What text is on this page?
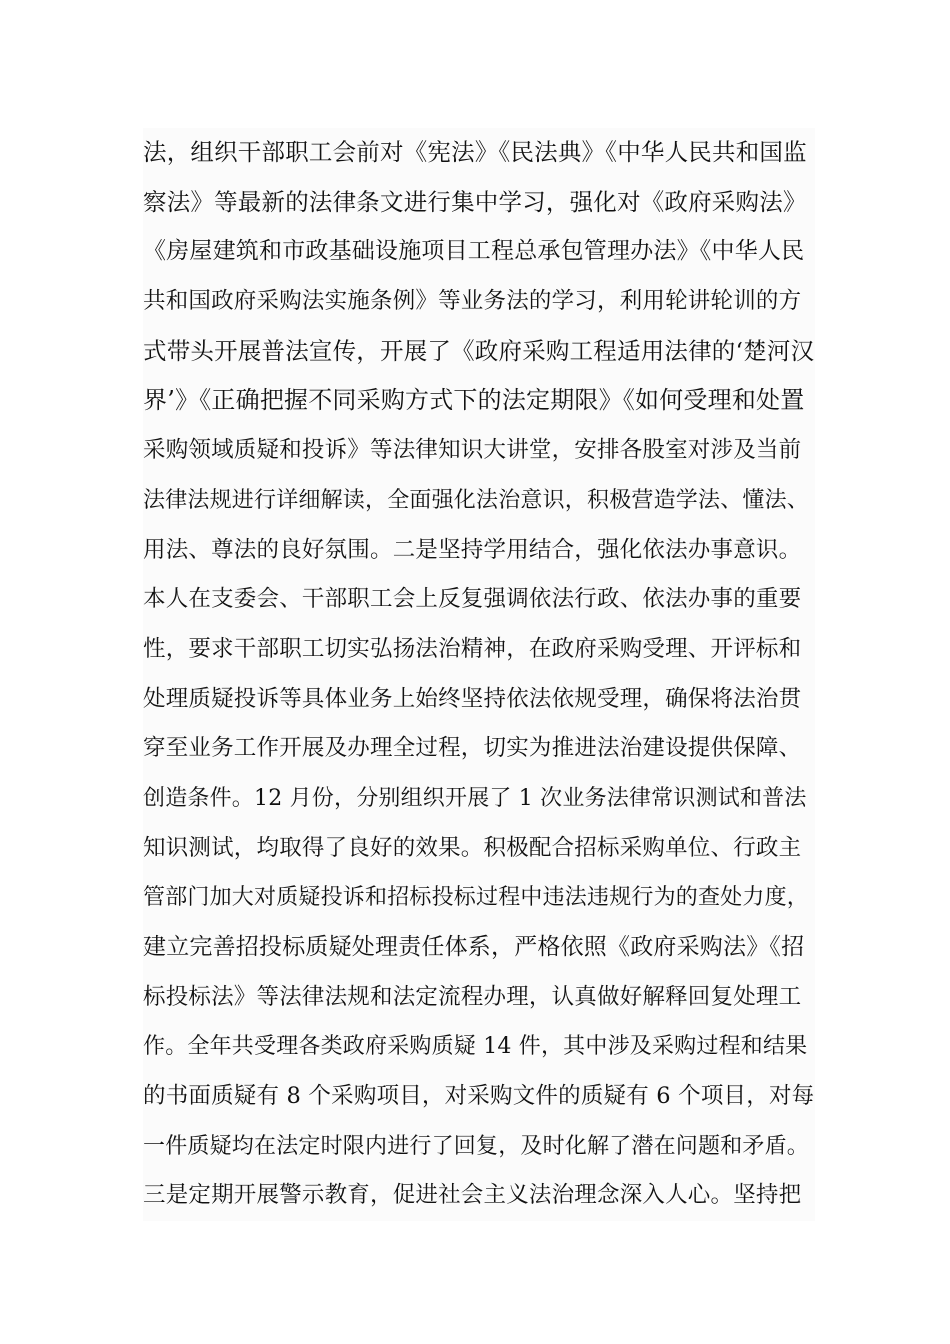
法，组织干部职工会前对《宪法》《民法典》《中华人民共和国监
察法》等最新的法律条文进行集中学习，强化对《政府采购法》
《房屋建筑和市政基础设施项目工程总承包管理办法》《中华人民
共和国政府采购法实施条例》等业务法的学习，利用轮讲轮训的方
式带头开展普法宣传，开展了《政府采购工程适用法律的‘楚河汉
界’》《正确把握不同采购方式下的法定期限》《如何受理和处置
采购领域质疑和投诉》等法律知识大讲堂，安排各股室对涉及当前
法律法规进行详细解读，全面强化法治意识，积极营造学法、懂法、
用法、尊法的良好氛围。二是坚持学用结合，强化依法办事意识。
本人在支委会、干部职工会上反复强调依法行政、依法办事的重要
性，要求干部职工切实弘扬法治精神，在政府采购受理、开评标和
处理质疑投诉等具体业务上始终坚持依法依规受理，确保将法治贯
穿至业务工作开展及办理全过程，切实为推进法治建设提供保障、
创造条件。12 月份，分别组织开展了 1 次业务法律常识测试和普法
知识测试，均取得了良好的效果。积极配合招标采购单位、行政主
管部门加大对质疑投诉和招标投标过程中违法违规行为的查处力度，
建立完善招投标质疑处理责任体系，严格依照《政府采购法》《招
标投标法》等法律法规和法定流程办理，认真做好解释回复处理工
作。全年共受理各类政府采购质疑 14 件，其中涉及采购过程和结果
的书面质疑有 8 个采购项目，对采购文件的质疑有 6 个项目，对每
一件质疑均在法定时限内进行了回复，及时化解了潜在问题和矛盾。
三是定期开展警示教育，促进社会主义法治理念深入人心。坚持把
